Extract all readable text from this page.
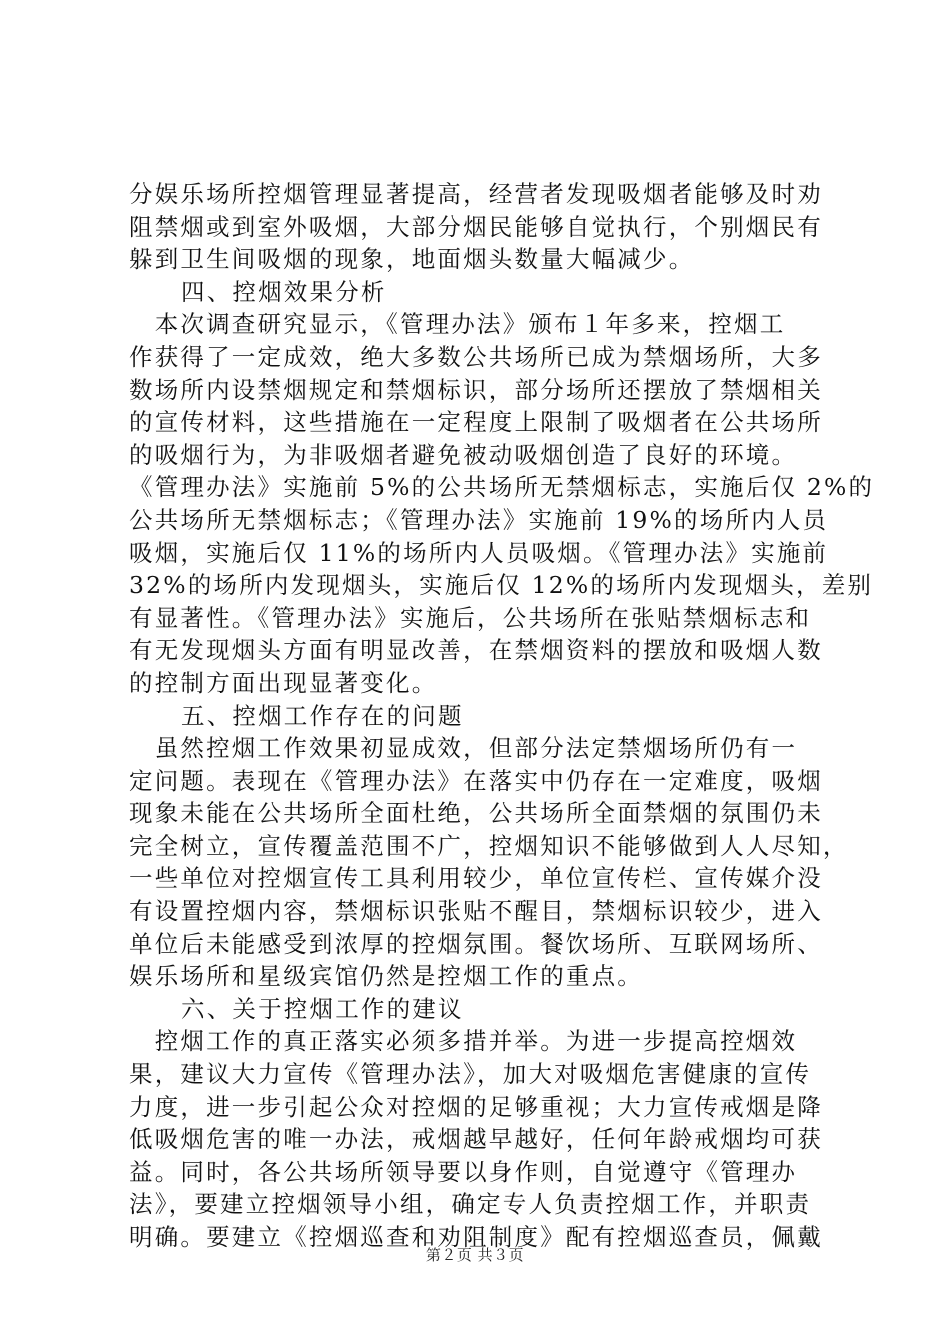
分娱乐场所控烟管理显著提高，经营者发现吸烟者能够及时劝
阻禁烟或到室外吸烟，大部分烟民能够自觉执行，个别烟民有
躲到卫生间吸烟的现象，地面烟头数量大幅减少。
四、控烟效果分析
　本次调查研究显示，《管理办法》颁布１年多来，控烟工
作获得了一定成效，绝大多数公共场所已成为禁烟场所，大多
数场所内设禁烟规定和禁烟标识，部分场所还摆放了禁烟相关
的宣传材料，这些措施在一定程度上限制了吸烟者在公共场所
的吸烟行为，为非吸烟者避免被动吸烟创造了良好的环境。
《管理办法》实施前 5%的公共场所无禁烟标志，实施后仅 2%的
公共场所无禁烟标志；《管理办法》实施前 19%的场所内人员
吸烟，实施后仅 11%的场所内人员吸烟。《管理办法》实施前
32%的场所内发现烟头，实施后仅 12%的场所内发现烟头，差别
有显著性。《管理办法》实施后，公共场所在张贴禁烟标志和
有无发现烟头方面有明显改善，在禁烟资料的摆放和吸烟人数
的控制方面出现显著变化。
五、控烟工作存在的问题
　虽然控烟工作效果初显成效，但部分法定禁烟场所仍有一
定问题。表现在《管理办法》在落实中仍存在一定难度，吸烟
现象未能在公共场所全面杜绝，公共场所全面禁烟的氛围仍未
完全树立，宣传覆盖范围不广，控烟知识不能够做到人人尽知，
一些单位对控烟宣传工具利用较少，单位宣传栏、宣传媒介没
有设置控烟内容，禁烟标识张贴不醒目，禁烟标识较少，进入
单位后未能感受到浓厚的控烟氛围。餐饮场所、互联网场所、
娱乐场所和星级宾馆仍然是控烟工作的重点。
六、关于控烟工作的建议
　控烟工作的真正落实必须多措并举。为进一步提高控烟效
果，建议大力宣传《管理办法》，加大对吸烟危害健康的宣传
力度，进一步引起公众对控烟的足够重视；大力宣传戒烟是降
低吸烟危害的唯一办法，戒烟越早越好，任何年龄戒烟均可获
益。同时，各公共场所领导要以身作则，自觉遵守《管理办
法》，要建立控烟领导小组，确定专人负责控烟工作，并职责
明确。要建立《控烟巡查和劝阻制度》配有控烟巡查员，佩戴
第２页 共３页
